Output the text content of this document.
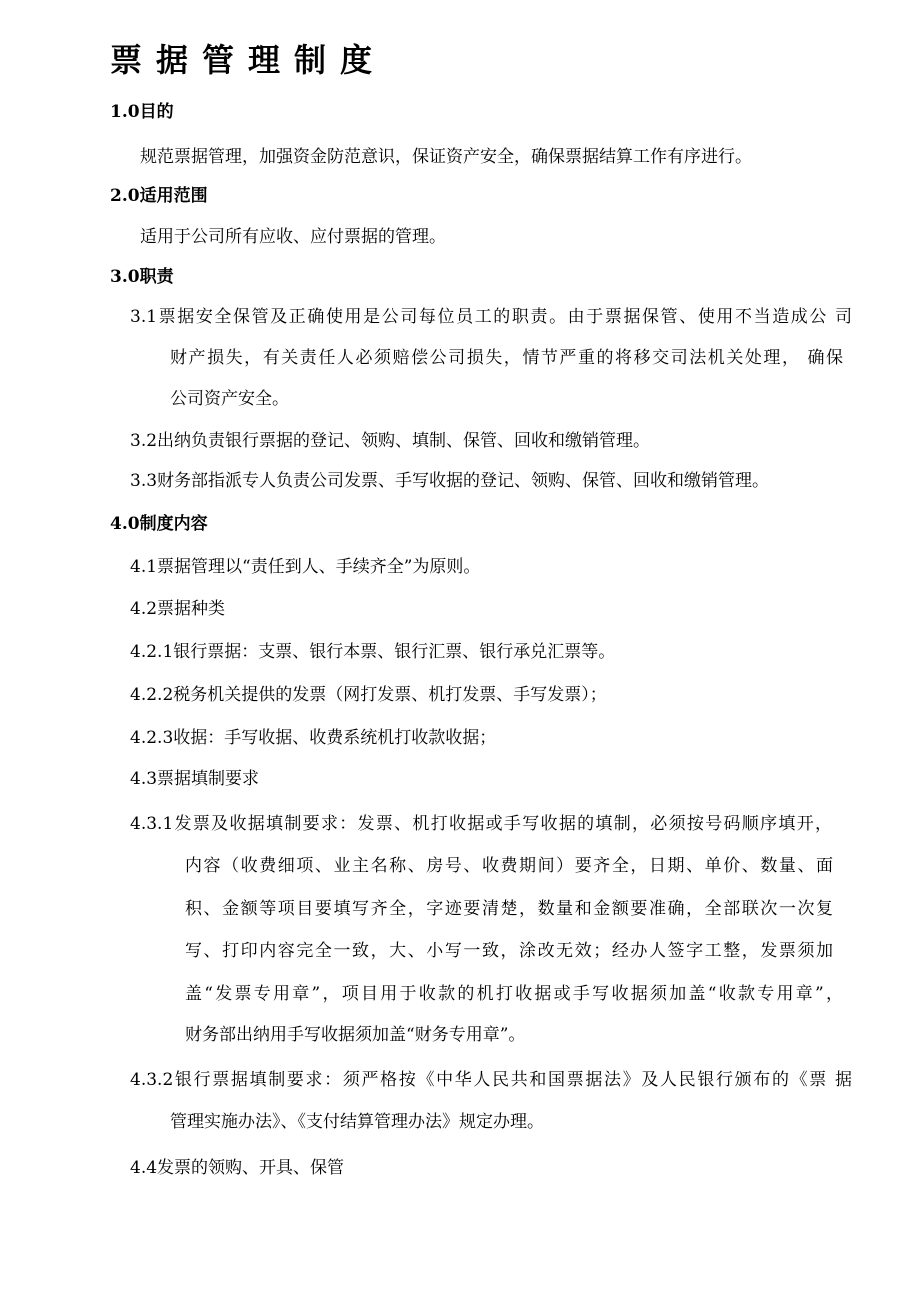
票据管理制度
1.0目的
规范票据管理，加强资金防范意识，保证资产安全，确保票据结算工作有序进行。
2.0适用范围
适用于公司所有应收、应付票据的管理。
3.0职责
3.1票据安全保管及正确使用是公司每位员工的职责。由于票据保管、使用不当造成公 司
财产损失，有关责任人必须赔偿公司损失，情节严重的将移交司法机关处理， 确保
公司资产安全。
3.2出纳负责银行票据的登记、领购、填制、保管、回收和缴销管理。
3.3财务部指派专人负责公司发票、手写收据的登记、领购、保管、回收和缴销管理。
4.0制度内容
4.1票据管理以“责任到人、手续齐全”为原则。
4.2票据种类
4.2.1银行票据：支票、银行本票、银行汇票、银行承兑汇票等。
4.2.2税务机关提供的发票（网打发票、机打发票、手写发票）；
4.2.3收据：手写收据、收费系统机打收款收据；
4.3票据填制要求
4.3.1发票及收据填制要求：发票、机打收据或手写收据的填制，必须按号码顺序填开，
内容（收费细项、业主名称、房号、收费期间）要齐全，日期、单价、数量、面
积、金额等项目要填写齐全，字迹要清楚，数量和金额要准确，全部联次一次复
写、打印内容完全一致，大、小写一致，涂改无效；经办人签字工整，发票须加
盖“发票专用章”，项目用于收款的机打收据或手写收据须加盖“收款专用章”，
财务部出纳用手写收据须加盖“财务专用章”。
4.3.2银行票据填制要求：须严格按《中华人民共和国票据法》及人民银行颁布的《票 据
管理实施办法》、《支付结算管理办法》规定办理。
4.4发票的领购、开具、保管
